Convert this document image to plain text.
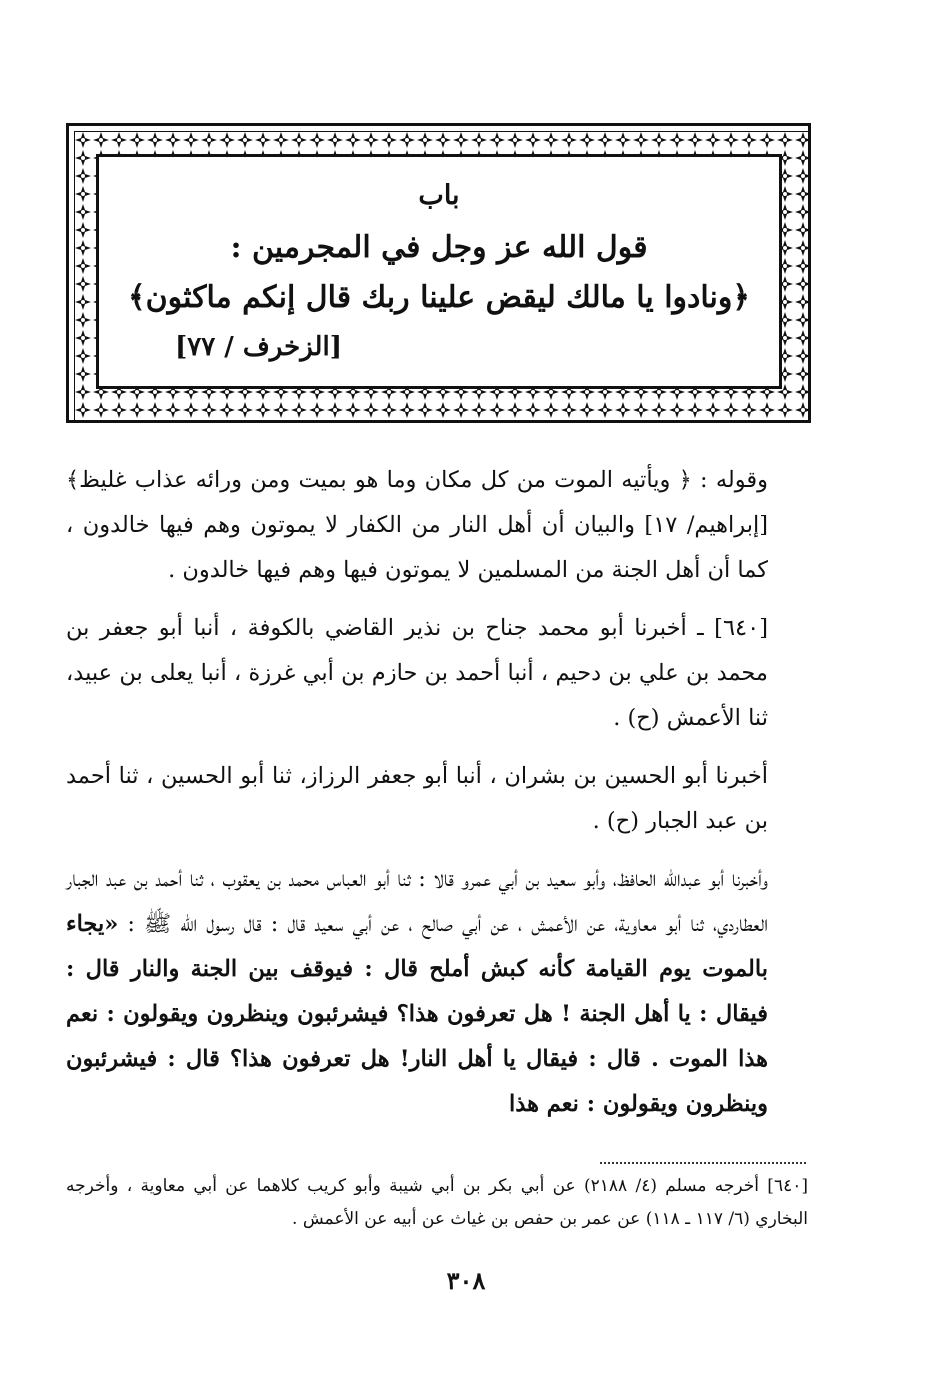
باب
قول الله عز وجل في المجرمين :
﴿ونادوا يا مالك ليقض علينا ربك قال إنكم ماكثون﴾
[الزخرف / ٧٧]

وقوله : ﴿ ويأتيه الموت من كل مكان وما هو بميت ومن ورائه عذاب غليظ﴾ [إبراهيم/ ١٧] والبيان أن أهل النار من الكفار لا يموتون وهم فيها خالدون ، كما أن أهل الجنة من المسلمين لا يموتون فيها وهم فيها خالدون .

[٦٤٠] ـ أخبرنا أبو محمد جناح بن نذير القاضي بالكوفة ، أنبا أبو جعفر بن محمد بن علي بن دحيم ، أنبا أحمد بن حازم بن أبي غرزة ، أنبا يعلى بن عبيد، ثنا الأعمش (ح) .

أخبرنا أبو الحسين بن بشران ، أنبا أبو جعفر الرزاز، ثنا أبو الحسين ، ثنا أحمد بن عبد الجبار (ح) .

وأخبرنا أبو عبدالله الحافظ، وأبو سعيد بن أبي عمرو قالا : ثنا أبو العباس محمد بن يعقوب ، ثنا أحمد بن عبد الجبار العطاردي، ثنا أبو معاوية، عن الأعمش ، عن أبي صالح ، عن أبي سعيد قال : قال رسول الله ﷺ : «يجاء بالموت يوم القيامة كأنه كبش أملح قال : فيوقف بين الجنة والنار قال : فيقال : يا أهل الجنة ! هل تعرفون هذا؟ فيشرئبون وينظرون ويقولون : نعم هذا الموت . قال : فيقال يا أهل النار! هل تعرفون هذا؟ قال : فيشرئبون وينظرون ويقولون : نعم هذا

[٦٤٠] أخرجه مسلم (٤/ ٢١٨٨) عن أبي بكر بن أبي شيبة وأبو كريب كلاهما عن أبي معاوية ، وأخرجه البخاري (٦/ ١١٧ ـ ١١٨) عن عمر بن حفص بن غياث عن أبيه عن الأعمش .
٣٠٨
